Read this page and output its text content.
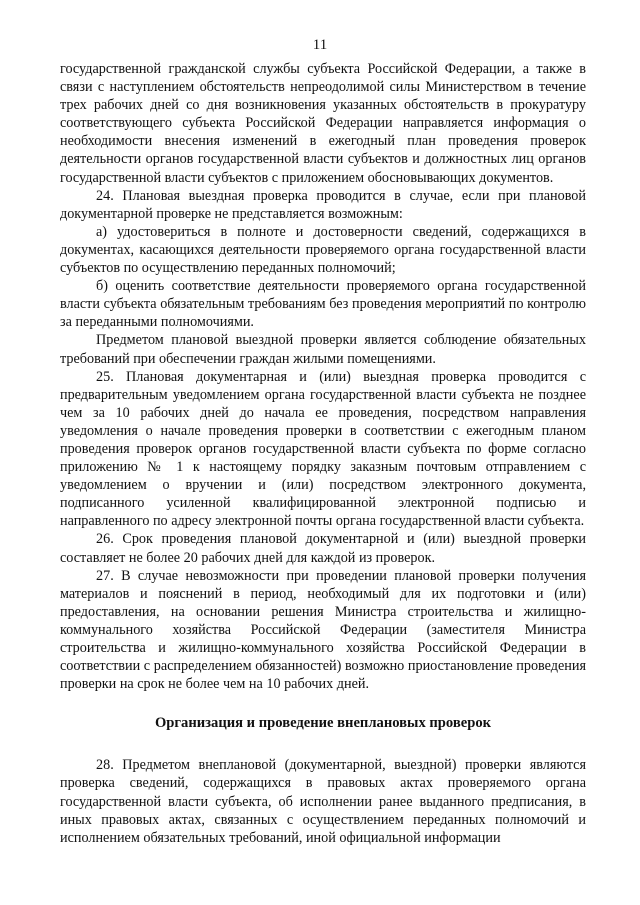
11

государственной гражданской службы субъекта Российской Федерации, а также в связи с наступлением обстоятельств непреодолимой силы Министерством в течение трех рабочих дней со дня возникновения указанных обстоятельств в прокуратуру соответствующего субъекта Российской Федерации направляется информация о необходимости внесения изменений в ежегодный план проведения проверок деятельности органов государственной власти субъектов и должностных лиц органов государственной власти субъектов с приложением обосновывающих документов.

24. Плановая выездная проверка проводится в случае, если при плановой документарной проверке не представляется возможным:

а) удостовериться в полноте и достоверности сведений, содержащихся в документах, касающихся деятельности проверяемого органа государственной власти субъектов по осуществлению переданных полномочий;

б) оценить соответствие деятельности проверяемого органа государственной власти субъекта обязательным требованиям без проведения мероприятий по контролю за переданными полномочиями.

Предметом плановой выездной проверки является соблюдение обязательных требований при обеспечении граждан жилыми помещениями.

25. Плановая документарная и (или) выездная проверка проводится с предварительным уведомлением органа государственной власти субъекта не позднее чем за 10 рабочих дней до начала ее проведения, посредством направления уведомления о начале проведения проверки в соответствии с ежегодным планом проведения проверок органов государственной власти субъекта по форме согласно приложению № 1 к настоящему порядку заказным почтовым отправлением с уведомлением о вручении и (или) посредством электронного документа, подписанного усиленной квалифицированной электронной подписью и направленного по адресу электронной почты органа государственной власти субъекта.

26. Срок проведения плановой документарной и (или) выездной проверки составляет не более 20 рабочих дней для каждой из проверок.

27. В случае невозможности при проведении плановой проверки получения материалов и пояснений в период, необходимый для их подготовки и (или) предоставления, на основании решения Министра строительства и жилищно-коммунального хозяйства Российской Федерации (заместителя Министра строительства и жилищно-коммунального хозяйства Российской Федерации в соответствии с распределением обязанностей) возможно приостановление проведения проверки на срок не более чем на 10 рабочих дней.

Организация и проведение внеплановых проверок

28. Предметом внеплановой (документарной, выездной) проверки являются проверка сведений, содержащихся в правовых актах проверяемого органа государственной власти субъекта, об исполнении ранее выданного предписания, в иных правовых актах, связанных с осуществлением переданных полномочий и исполнением обязательных требований, иной официальной информации
